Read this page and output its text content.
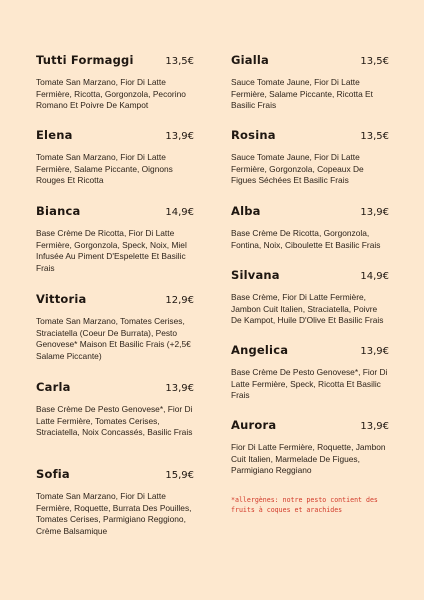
Tutti Formaggi	13,5€
Tomate San Marzano, Fior Di Latte Fermière, Ricotta, Gorgonzola, Pecorino Romano Et Poivre De Kampot
Elena	13,9€
Tomate San Marzano, Fior Di Latte Fermière, Salame Piccante, Oignons Rouges Et Ricotta
Bianca	14,9€
Base Crème De Ricotta, Fior Di Latte Fermière, Gorgonzola, Speck, Noix, Miel Infusée Au Piment D'Espelette Et Basilic Frais
Vittoria	12,9€
Tomate San Marzano, Tomates Cerises, Straciatella (Coeur De Burrata), Pesto Genovese* Maison Et Basilic Frais (+2,5€ Salame Piccante)
Carla	13,9€
Base Crème De Pesto Genovese*, Fior Di Latte Fermière, Tomates Cerises, Straciatella, Noix Concassés, Basilic Frais
Sofia	15,9€
Tomate San Marzano, Fior Di Latte Fermière, Roquette, Burrata Des Pouilles, Tomates Cerises, Parmigiano Reggiono, Crème Balsamique
Gialla	13,5€
Sauce Tomate Jaune, Fior Di Latte Fermière, Salame Piccante, Ricotta Et Basilic Frais
Rosina	13,5€
Sauce Tomate Jaune, Fior Di Latte Fermière, Gorgonzola, Copeaux De Figues Séchées Et Basilic Frais
Alba	13,9€
Base Crème De Ricotta, Gorgonzola, Fontina, Noix, Ciboulette Et Basilic Frais
Silvana	14,9€
Base Crème, Fior Di Latte Fermière, Jambon Cuit Italien, Straciatella, Poivre De Kampot, Huile D'Olive Et Basilic Frais
Angelica	13,9€
Base Crème De Pesto Genovese*, Fior Di Latte Fermière, Speck, Ricotta Et Basilic Frais
Aurora	13,9€
Fior Di Latte Fermière, Roquette, Jambon Cuit Italien, Marmelade De Figues, Parmigiano Reggiano
*allergènes: notre pesto contient des fruits à coques et arachides
